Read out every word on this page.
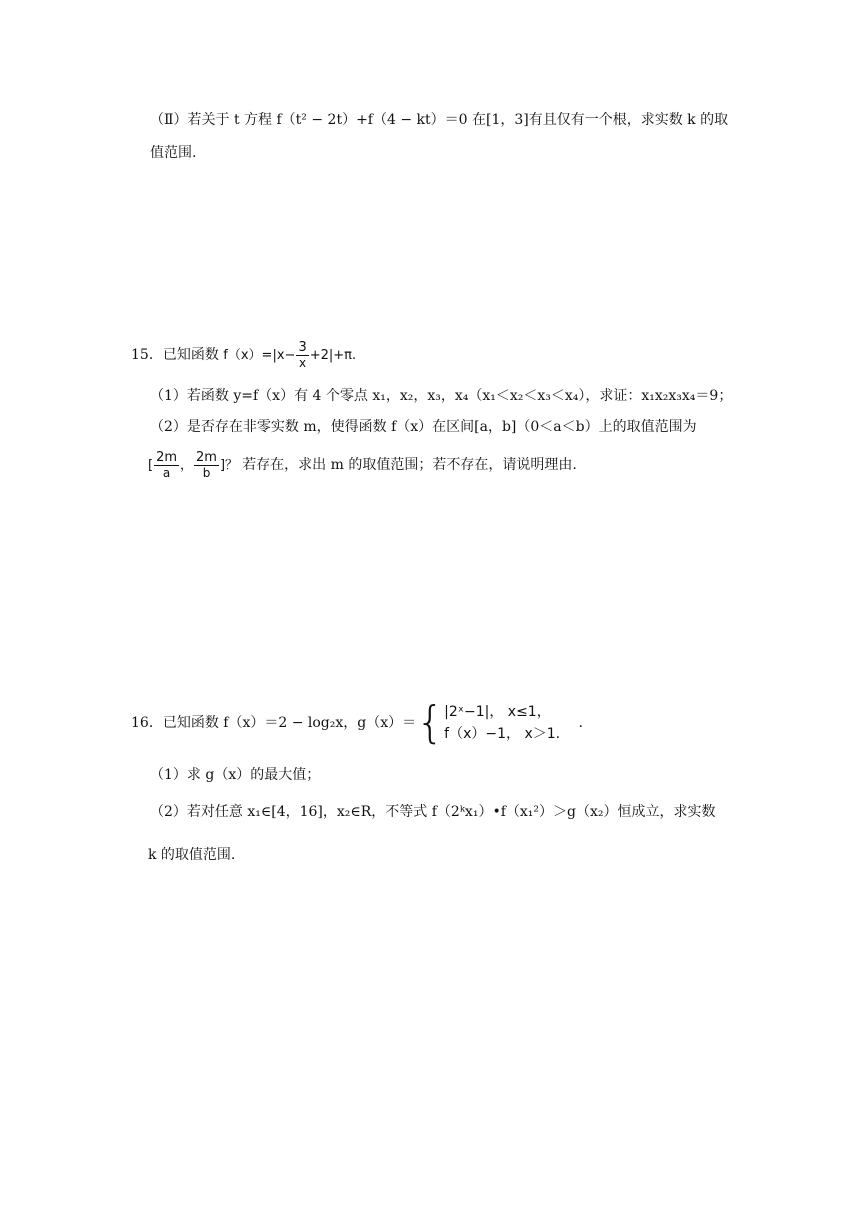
（Ⅱ）若关于 t 方程 f（t² − 2t）+f（4 − kt）＝0 在[1，3]有且仅有一个根，求实数 k 的取
值范围.
15．已知函数 $f(x)=|x- \frac{3}{x} +2|+\pi$.
（1）若函数 y=f（x）有 4 个零点 x₁，x₂，x₃，x₄（x₁＜x₂＜x₃＜x₄），求证：x₁x₂x₃x₄＝9；
（2）是否存在非零实数 m，使得函数 f（x）在区间[a，b]（0＜a＜b）上的取值范围为
[ $\frac{2m}{a}$ ， $\frac{2m}{b}$ ]？ 若存在，求出 m 的取值范围；若不存在，请说明理由.
16．已知函数 f（x）＝2 − log₂x，g（x）＝{ |2ˣ−1|， x≤1，
f（x）−1， x＞1.
.
（1）求 g（x）的最大值；
（2）若对任意 x₁∈[4，16]，x₂∈R，不等式 f（2ᵏx₁）•f（x₁²）＞g（x₂）恒成立，求实数
k 的取值范围.
